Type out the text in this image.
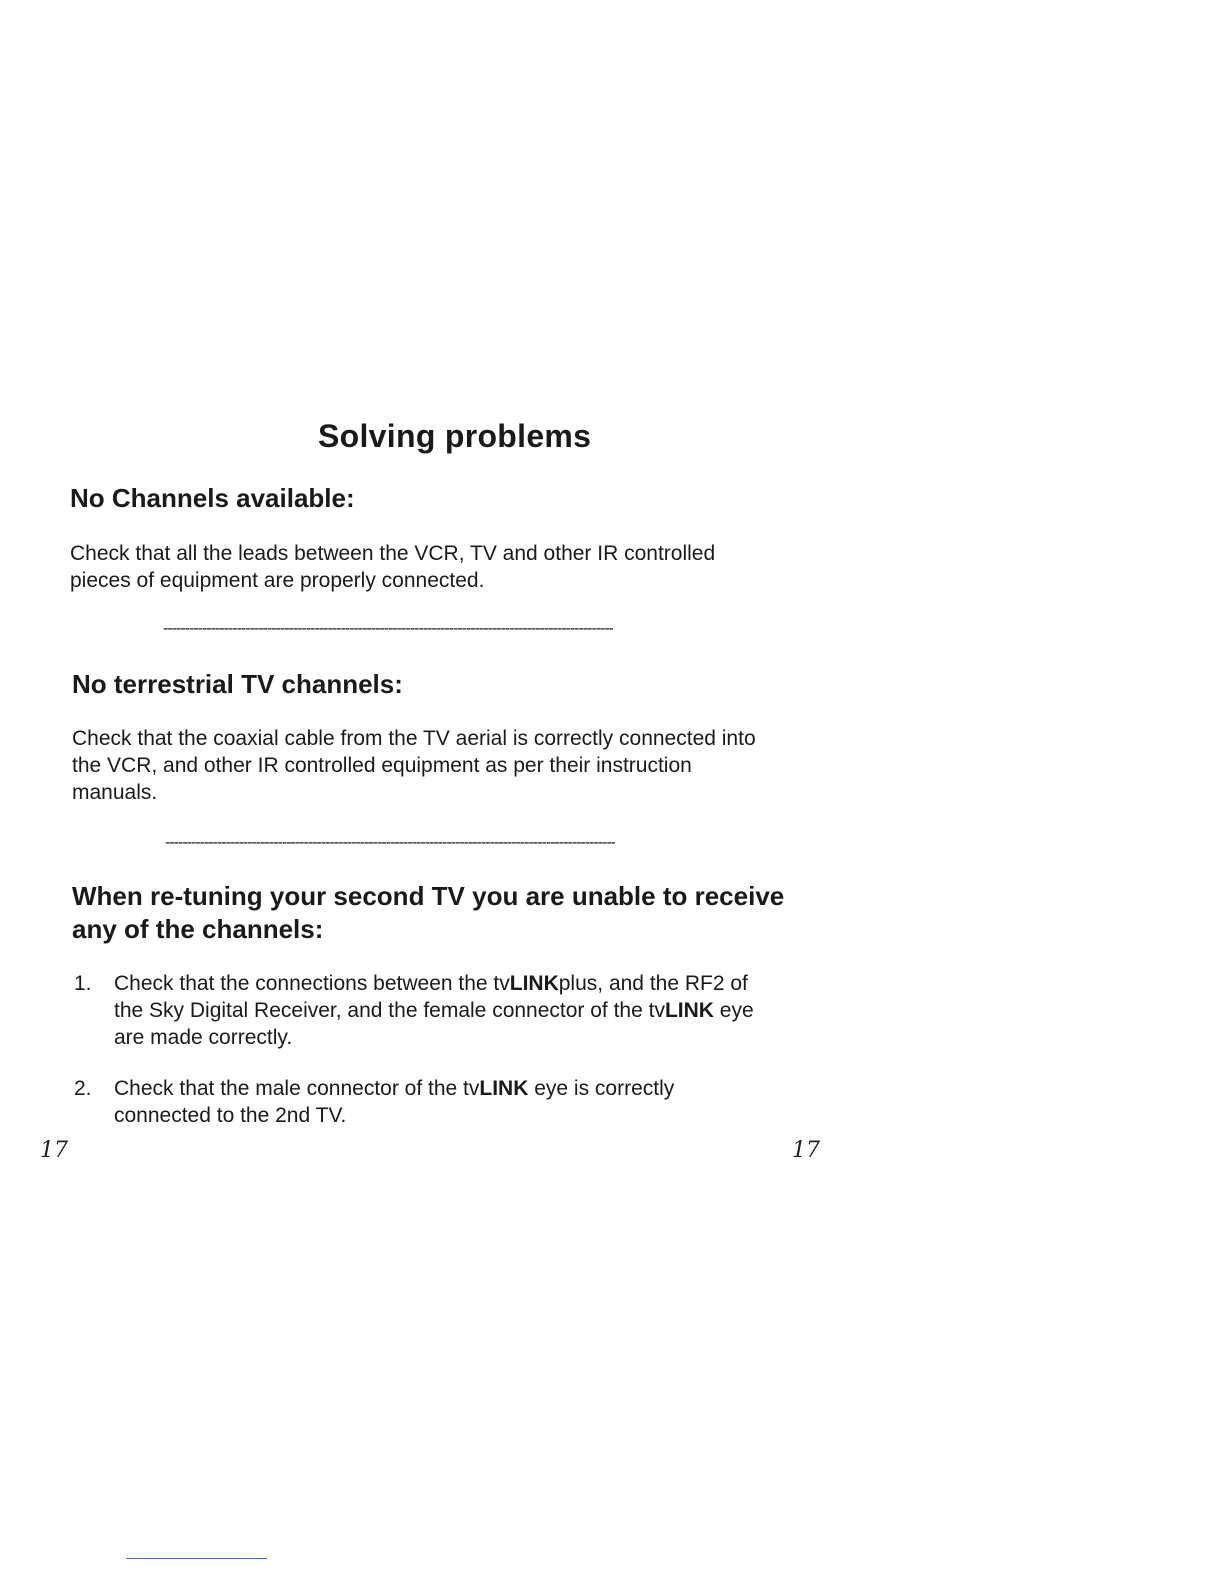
Solving problems
No Channels available:

Check that all the leads between the VCR, TV and other IR controlled

pieces of equipment are properly connected.

--------------------------------------------------------------------------------------------------------
No terrestrial TV channels:

Check that the coaxial cable from the TV aerial is correctly connected into

the VCR, and other IR controlled equipment as per their instruction

manuals.

--------------------------------------------------------------------------------------------------------
When re-tuning your second TV you are unable to receive
any of the channels:
1. Check that the connections between the tvLINKplus, and the RF2 of
the Sky Digital Receiver, and the female connector of the tvLINK eye
are made correctly.
2. Check that the male connector of the tvLINK eye is correctly
connected to the 2nd TV.
17	17
